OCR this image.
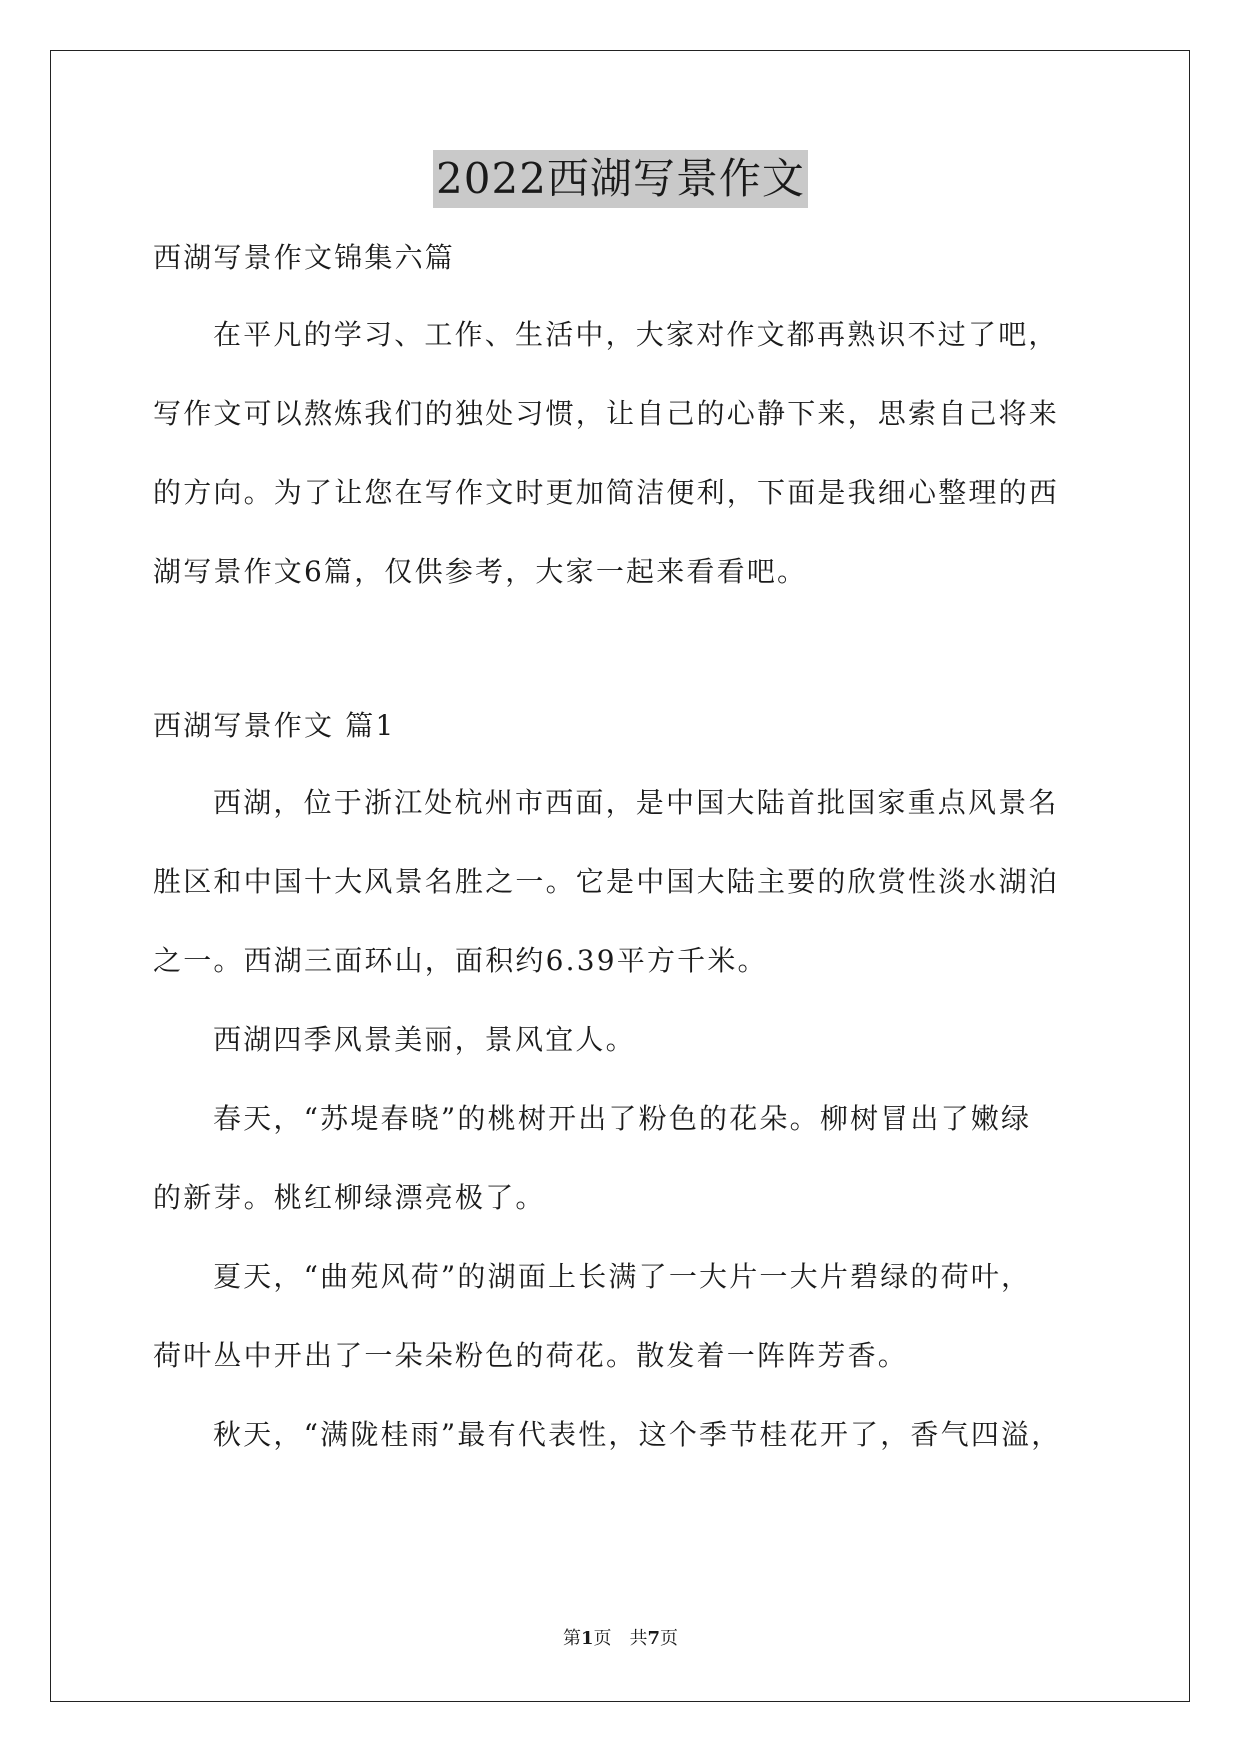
2022西湖写景作文
西湖写景作文锦集六篇
在平凡的学习、工作、生活中，大家对作文都再熟识不过了吧，
写作文可以熬炼我们的独处习惯，让自己的心静下来，思索自己将来
的方向。为了让您在写作文时更加简洁便利，下面是我细心整理的西
湖写景作文6篇，仅供参考，大家一起来看看吧。
西湖写景作文 篇1
西湖，位于浙江处杭州市西面，是中国大陆首批国家重点风景名
胜区和中国十大风景名胜之一。它是中国大陆主要的欣赏性淡水湖泊
之一。西湖三面环山，面积约6.39平方千米。
西湖四季风景美丽，景风宜人。
春天，“苏堤春晓”的桃树开出了粉色的花朵。柳树冒出了嫩绿
的新芽。桃红柳绿漂亮极了。
夏天，“曲苑风荷”的湖面上长满了一大片一大片碧绿的荷叶，
荷叶丛中开出了一朵朵粉色的荷花。散发着一阵阵芳香。
秋天，“满陇桂雨”最有代表性，这个季节桂花开了，香气四溢，
第1页 共7页
